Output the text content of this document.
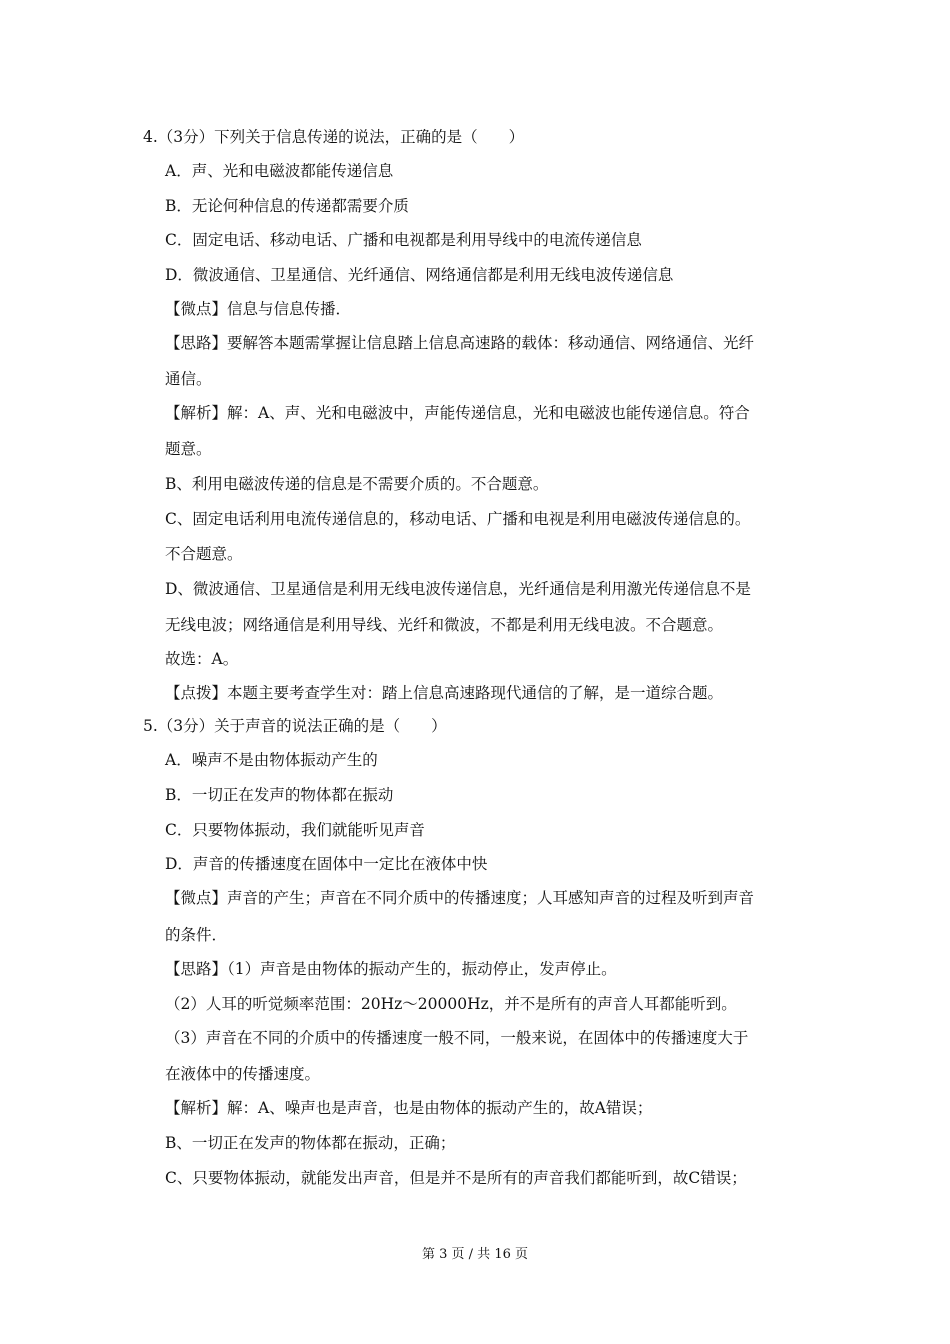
4.（3分）下列关于信息传递的说法，正确的是（　　）
A．声、光和电磁波都能传递信息
B．无论何种信息的传递都需要介质
C．固定电话、移动电话、广播和电视都是利用导线中的电流传递信息
D．微波通信、卫星通信、光纤通信、网络通信都是利用无线电波传递信息
【微点】信息与信息传播．
【思路】要解答本题需掌握让信息踏上信息高速路的载体：移动通信、网络通信、光纤
通信。
【解析】解：A、声、光和电磁波中，声能传递信息，光和电磁波也能传递信息。符合
题意。
B、利用电磁波传递的信息是不需要介质的。不合题意。
C、固定电话利用电流传递信息的，移动电话、广播和电视是利用电磁波传递信息的。
不合题意。
D、微波通信、卫星通信是利用无线电波传递信息，光纤通信是利用激光传递信息不是
无线电波；网络通信是利用导线、光纤和微波，不都是利用无线电波。不合题意。
故选：A。
【点拨】本题主要考查学生对：踏上信息高速路现代通信的了解，是一道综合题。
5.（3分）关于声音的说法正确的是（　　）
A．噪声不是由物体振动产生的
B．一切正在发声的物体都在振动
C．只要物体振动，我们就能听见声音
D．声音的传播速度在固体中一定比在液体中快
【微点】声音的产生；声音在不同介质中的传播速度；人耳感知声音的过程及听到声音
的条件．
【思路】（1）声音是由物体的振动产生的，振动停止，发声停止。
（2）人耳的听觉频率范围：20Hz～20000Hz，并不是所有的声音人耳都能听到。
（3）声音在不同的介质中的传播速度一般不同，一般来说，在固体中的传播速度大于
在液体中的传播速度。
【解析】解：A、噪声也是声音，也是由物体的振动产生的，故A错误；
B、一切正在发声的物体都在振动，正确；
C、只要物体振动，就能发出声音，但是并不是所有的声音我们都能听到，故C错误；
第 3 页 / 共 16 页
